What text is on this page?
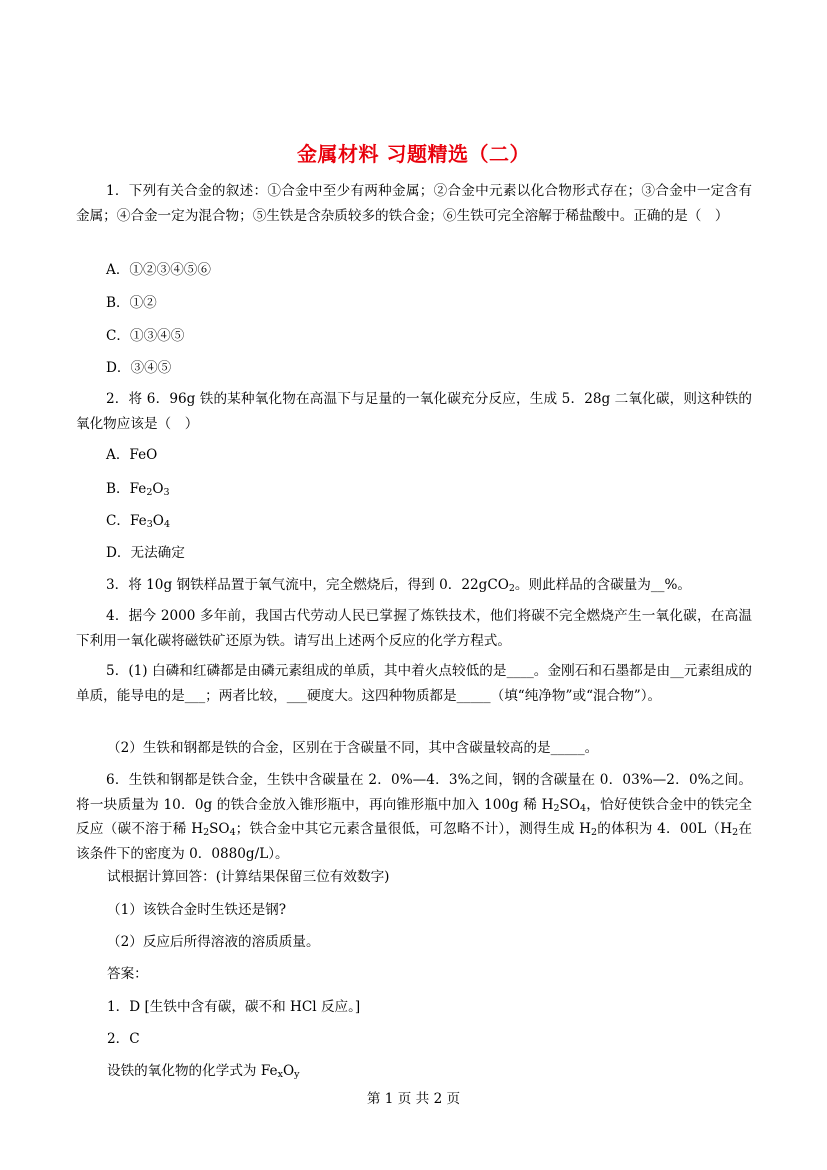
金属材料 习题精选（二）
1．下列有关合金的叙述：①合金中至少有两种金属；②合金中元素以化合物形式存在；③合金中一定含有金属；④合金一定为混合物；⑤生铁是含杂质较多的铁合金；⑥生铁可完全溶解于稀盐酸中。正确的是（　）
A．①②③④⑤⑥
B．①②
C．①③④⑤
D．③④⑤
2．将 6．96g 铁的某种氧化物在高温下与足量的一氧化碳充分反应，生成 5．28g 二氧化碳，则这种铁的氧化物应该是（　）
A．FeO
B．$Fe_2O_3$
C．$Fe_3O_4$
D．无法确定
3．将 10g 钢铁样品置于氧气流中，完全燃烧后，得到 0．22gCO$_2$。则此样品的含碳量为__%。
4．据今 2000 多年前，我国古代劳动人民已掌握了炼铁技术，他们将碳不完全燃烧产生一氧化碳，在高温下利用一氧化碳将磁铁矿还原为铁。请写出上述两个反应的化学方程式。
5．(1) 白磷和红磷都是由磷元素组成的单质，其中着火点较低的是____。金刚石和石墨都是由__元素组成的单质，能导电的是___；两者比较，___硬度大。这四种物质都是_____（填“纯净物”或“混合物”）。
（2）生铁和钢都是铁的合金，区别在于含碳量不同，其中含碳量较高的是_____。
6．生铁和钢都是铁合金，生铁中含碳量在 2．0%—4．3%之间，钢的含碳量在 0．03%—2．0%之间。将一块质量为 10．0g 的铁合金放入锥形瓶中，再向锥形瓶中加入 100g 稀 $H_2SO_4$，恰好使铁合金中的铁完全反应（碳不溶于稀 $H_2SO_4$；铁合金中其它元素含量很低，可忽略不计），测得生成 $H_2$的体积为 4．$00L(H_2$在该条件下的密度为 0．0880g/L）。
试根据计算回答：(计算结果保留三位有效数字)
（1）该铁合金时生铁还是钢?
（2）反应后所得溶液的溶质质量。
答案：
1．D [生铁中含有碳，碳不和 HCl 反应。]
2．C
设铁的氧化物的化学式为 $Fe_xO_y$
第 1 页 共 2 页
